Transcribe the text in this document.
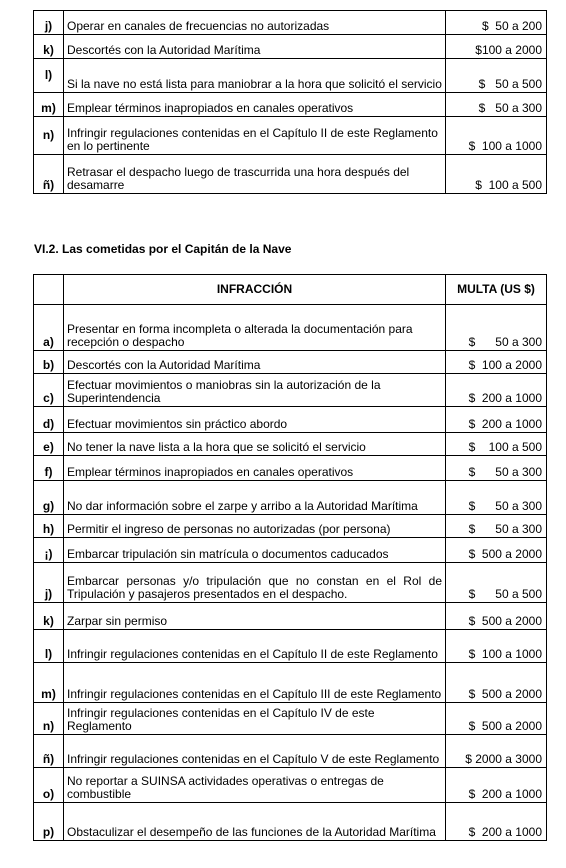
j)	Operar en canales de frecuencias no autorizadas	$  50 a 200
k)	Descortés con la Autoridad Marítima	$100 a 2000
l)	Si la nave no está lista para maniobrar a la hora que solicitó el servicio	$   50 a 500
m)	Emplear términos inapropiados en canales operativos	$   50 a 300
n)	Infringir regulaciones contenidas en el Capítulo II de este Reglamento en lo pertinente	$  100 a 1000
ñ)	Retrasar el despacho luego de trascurrida una hora después del desamarre	$  100 a 500

VI.2. Las cometidas por el Capitán de la Nave

	INFRACCIÓN	MULTA (US $)
a)	Presentar en forma incompleta o alterada la documentación para recepción o despacho	$      50 a 300
b)	Descortés con la Autoridad Marítima	$  100 a 2000
c)	Efectuar movimientos o maniobras sin la autorización de la Superintendencia	$  200 a 1000
d)	Efectuar movimientos sin práctico abordo	$  200 a 1000
e)	No tener la nave lista a la hora que se solicitó el servicio	$    100 a 500
f)	Emplear términos inapropiados en canales operativos	$      50 a 300
g)	No dar información sobre el zarpe y arribo a la Autoridad Marítima	$      50 a 300
h)	Permitir el ingreso de personas no autorizadas (por persona)	$      50 a 300
¡)	Embarcar tripulación sin matrícula o documentos caducados	$  500 a 2000
j)	Embarcar personas y/o tripulación que no constan en el Rol de Tripulación y pasajeros presentados en el despacho.	$      50 a 500
k)	Zarpar sin permiso	$  500 a 2000
l)	Infringir regulaciones contenidas en el Capítulo II de este Reglamento	$  100 a 1000
m)	Infringir regulaciones contenidas en el Capítulo III de este Reglamento	$  500 a 2000
n)	Infringir regulaciones contenidas en el Capítulo IV de este Reglamento	$  500 a 2000
ñ)	Infringir regulaciones contenidas en el Capítulo V de este Reglamento	$ 2000 a 3000
o)	No reportar a SUINSA actividades operativas o entregas de combustible	$  200 a 1000
p)	Obstaculizar el desempeño de las funciones de la Autoridad Marítima	$  200 a 1000
